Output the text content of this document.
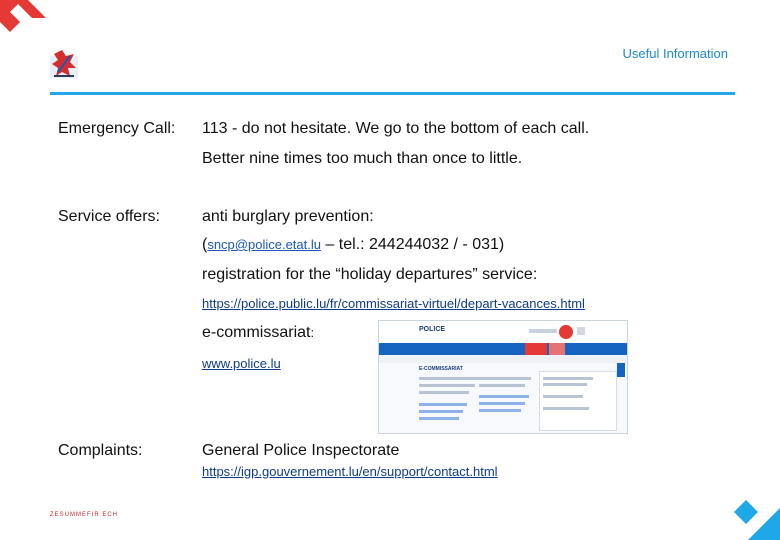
Useful Information
Emergency Call: 113 - do not hesitate. We go to the bottom of each call.
Better nine times too much than once to little.
Service offers:	anti burglary prevention:
(sncp@police.etat.lu – tel.: 244244032 / - 031)
registration for the “holiday departures” service:
https://police.public.lu/fr/commissariat-virtuel/depart-vacances.html
e-commissariat:
www.police.lu
POLICE
E-COMMISSARIAT
Complaints:	General Police Inspectorate
https://igp.gouvernement.lu/en/support/contact.html
ZESUMMEFIR ECH
